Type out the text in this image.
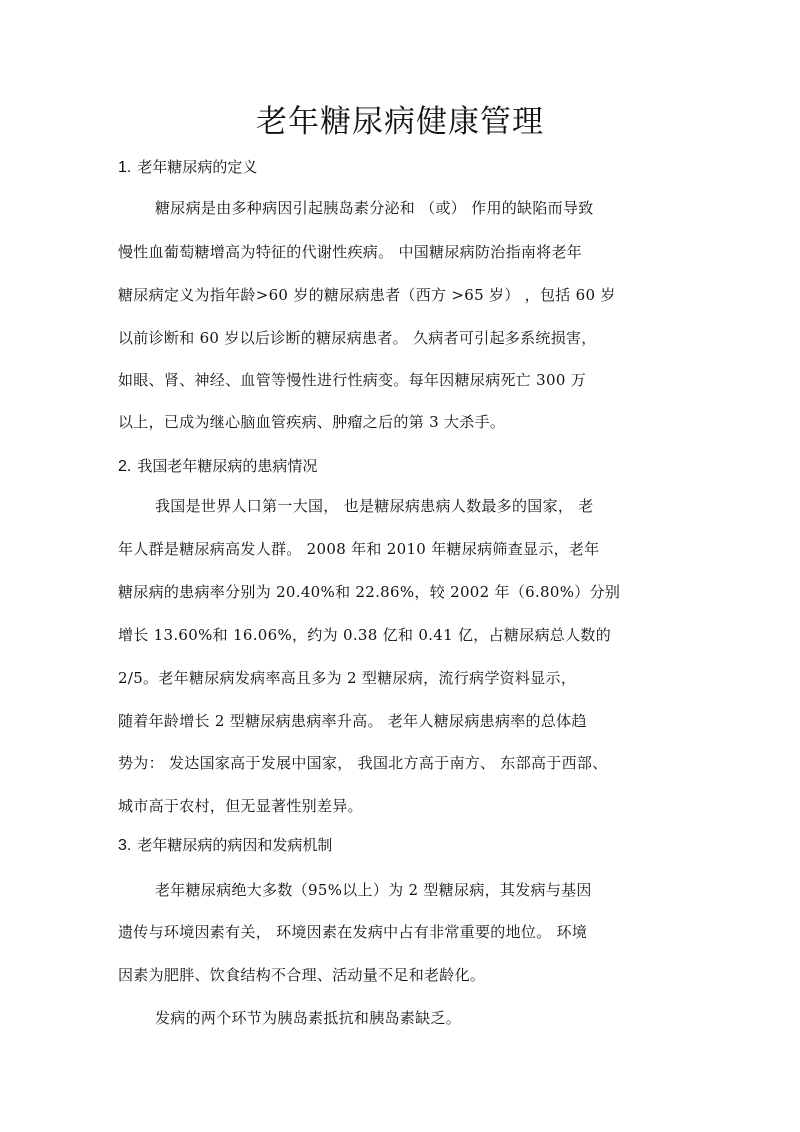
老年糖尿病健康管理
1. 老年糖尿病的定义
糖尿病是由多种病因引起胰岛素分泌和 （或） 作用的缺陷而导致
慢性血葡萄糖增高为特征的代谢性疾病。 中国糖尿病防治指南将老年
糖尿病定义为指年龄>60 岁的糖尿病患者（西方 >65 岁） ，包括 60 岁
以前诊断和 60 岁以后诊断的糖尿病患者。 久病者可引起多系统损害，
如眼、肾、神经、血管等慢性进行性病变。每年因糖尿病死亡 300 万
以上，已成为继心脑血管疾病、肿瘤之后的第 3 大杀手。
2. 我国老年糖尿病的患病情况
我国是世界人口第一大国， 也是糖尿病患病人数最多的国家， 老
年人群是糖尿病高发人群。 2008 年和 2010 年糖尿病筛查显示，老年
糖尿病的患病率分别为 20.40%和 22.86%，较 2002 年（6.80%）分别
增长 13.60%和 16.06%，约为 0.38 亿和 0.41 亿，占糖尿病总人数的
2/5。老年糖尿病发病率高且多为 2 型糖尿病，流行病学资料显示，
随着年龄增长 2 型糖尿病患病率升高。 老年人糖尿病患病率的总体趋
势为： 发达国家高于发展中国家， 我国北方高于南方、 东部高于西部、
城市高于农村，但无显著性别差异。
3. 老年糖尿病的病因和发病机制
老年糖尿病绝大多数（95%以上）为 2 型糖尿病，其发病与基因
遗传与环境因素有关， 环境因素在发病中占有非常重要的地位。 环境
因素为肥胖、饮食结构不合理、活动量不足和老龄化。
发病的两个环节为胰岛素抵抗和胰岛素缺乏。
